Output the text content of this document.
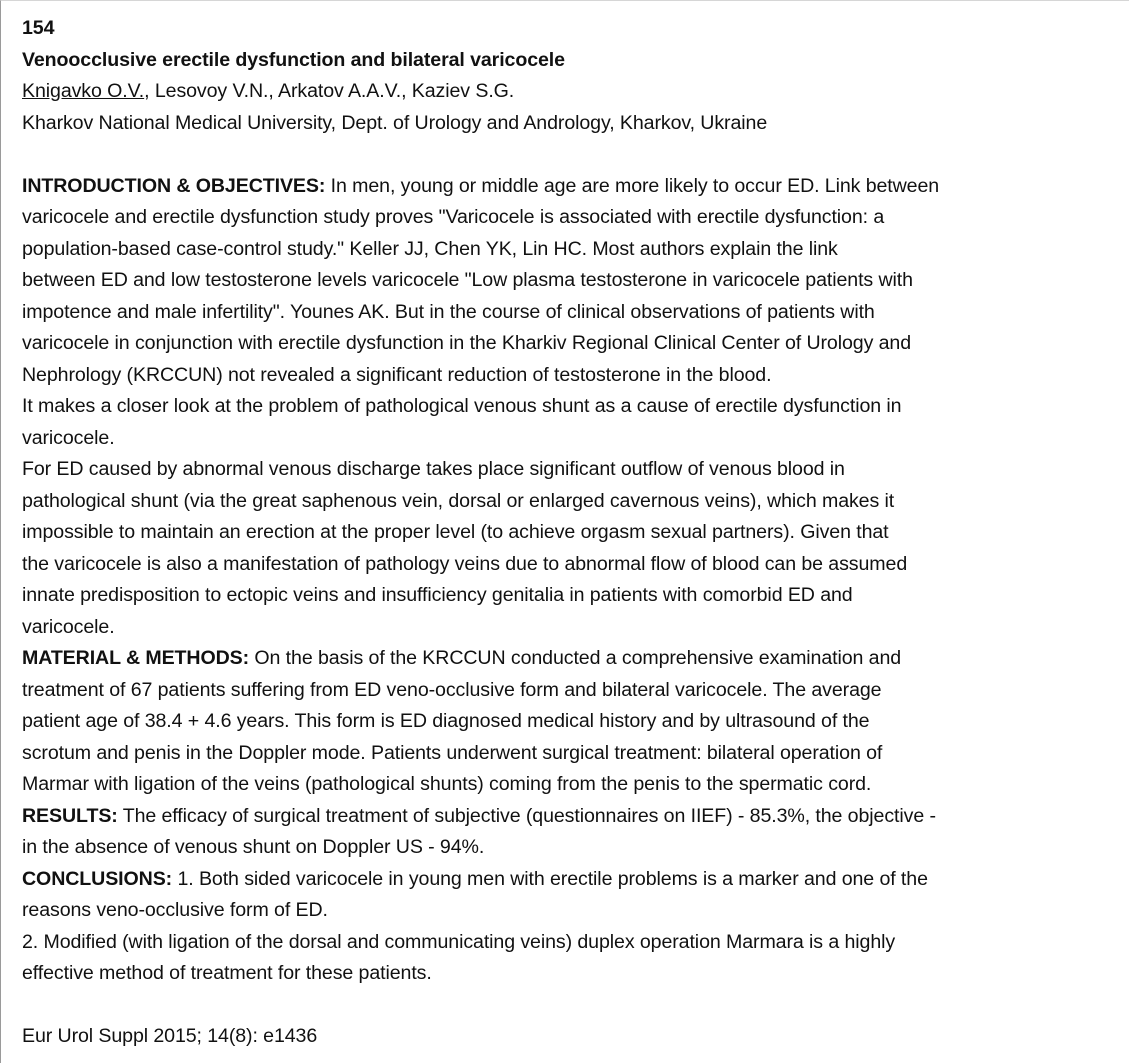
154
Venoocclusive erectile dysfunction and bilateral varicocele
Knigavko O.V., Lesovoy V.N., Arkatov A.A.V., Kaziev S.G.
Kharkov National Medical University, Dept. of Urology and Andrology, Kharkov, Ukraine
INTRODUCTION & OBJECTIVES: In men, young or middle age are more likely to occur ED. Link between
varicocele and erectile dysfunction study proves "Varicocele is associated with erectile dysfunction: a
population-based case-control study." Keller JJ, Chen YK, Lin HC. Most authors explain the link
between ED and low testosterone levels varicocele "Low plasma testosterone in varicocele patients with
impotence and male infertility". Younes AK. But in the course of clinical observations of patients with
varicocele in conjunction with erectile dysfunction in the Kharkiv Regional Clinical Center of Urology and
Nephrology (KRCCUN) not revealed a significant reduction of testosterone in the blood.
It makes a closer look at the problem of pathological venous shunt as a cause of erectile dysfunction in
varicocele.
For ED caused by abnormal venous discharge takes place significant outflow of venous blood in
pathological shunt (via the great saphenous vein, dorsal or enlarged cavernous veins), which makes it
impossible to maintain an erection at the proper level (to achieve orgasm sexual partners). Given that
the varicocele is also a manifestation of pathology veins due to abnormal flow of blood can be assumed
innate predisposition to ectopic veins and insufficiency genitalia in patients with comorbid ED and
varicocele.
MATERIAL & METHODS: On the basis of the KRCCUN conducted a comprehensive examination and
treatment of 67 patients suffering from ED veno-occlusive form and bilateral varicocele. The average
patient age of 38.4 + 4.6 years. This form is ED diagnosed medical history and by ultrasound of the
scrotum and penis in the Doppler mode. Patients underwent surgical treatment: bilateral operation of
Marmar with ligation of the veins (pathological shunts) coming from the penis to the spermatic cord.
RESULTS: The efficacy of surgical treatment of subjective (questionnaires on IIEF) - 85.3%, the objective -
in the absence of venous shunt on Doppler US - 94%.
CONCLUSIONS: 1. Both sided varicocele in young men with erectile problems is a marker and one of the
reasons veno-occlusive form of ED.
2. Modified (with ligation of the dorsal and communicating veins) duplex operation Marmara is a highly
effective method of treatment for these patients.
Eur Urol Suppl 2015; 14(8): e1436
